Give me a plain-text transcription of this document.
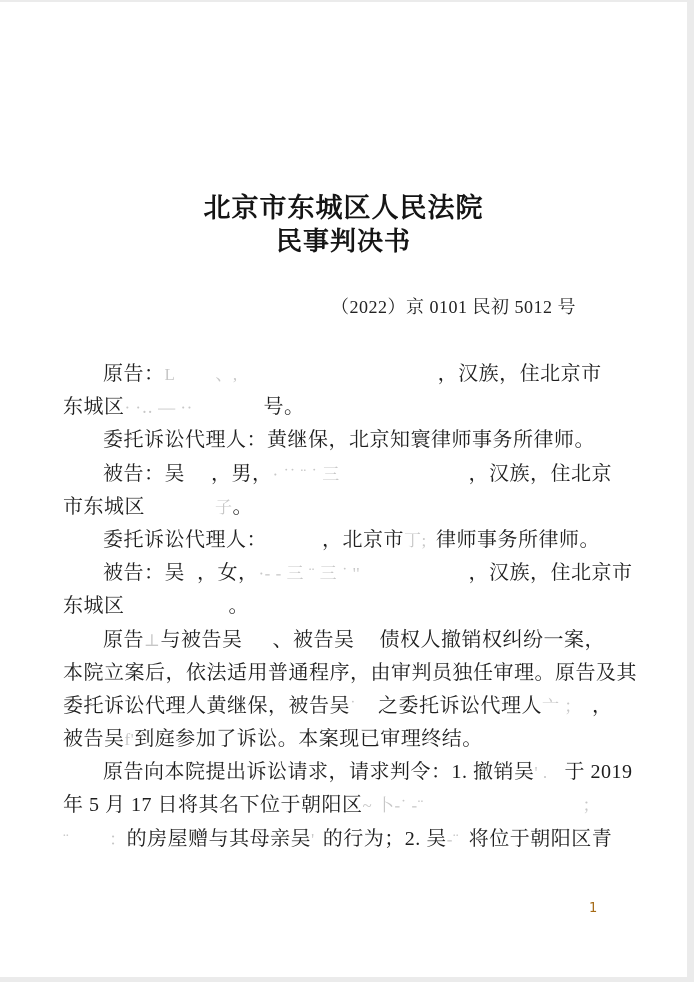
北京市东城区人民法院
民事判决书
（2022）京 0101 民初 5012 号
原告：L 、,	，汉族，住北京市
东城区· ·‥ — ··	号。
委托诉讼代理人：黄继保，北京知寰律师事务所律师。
被告：吴 ，男，· ˙˙ ¨ ˙ 三	，汉族，住北京
市东城区	子。
委托诉讼代理人：	，北京市丁; 律师事务所律师。
被告：吴 ，女，·- - 三 ¨ 三 ˙ ''	，汉族，住北京市
东城区	。
原告⊥与被告吴 、被告吴 债权人撤销权纠纷一案，
本院立案后，依法适用普通程序，由审判员独任审理。原告及其
委托诉讼代理人黄继保，被告吴˙ 之委托诉讼代理人亠 ； ，
被告吴f'到庭参加了诉讼。本案现已审理终结。
原告向本院提出诉讼请求，请求判令：1. 撤销吴' . 于 2019
年 5 月 17 日将其名下位于朝阳区~ 卜-˙ -¨	；
¨ ：的房屋赠与其母亲吴' 的行为；2. 吴-¨ 将位于朝阳区青
1
